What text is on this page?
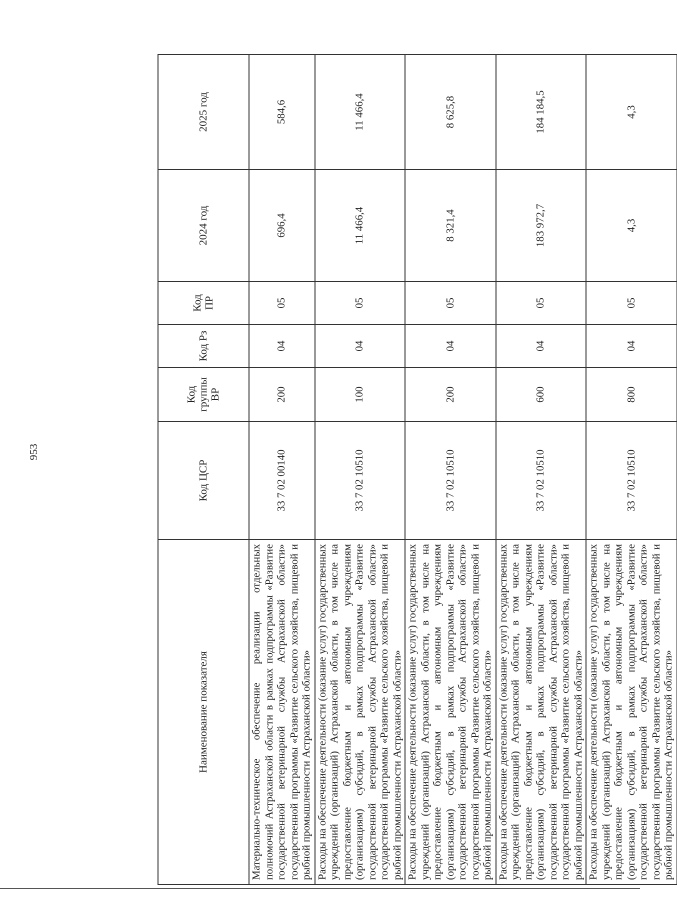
953
Наименование показателя	Код ЦСР	Код группы ВР	Код Рз	Код ПР	2024 год	2025 год
Материально-техническое обеспечение реализации отдельных полномочий Астраханской области в рамках подпрограммы «Развитие государственной ветеринарной службы Астраханской области» государственной программы «Развитие сельского хозяйства, пищевой и рыбной промышленности Астраханской области»	33 7 02 00140	200	04	05	696,4	584,6
Расходы на обеспечение деятельности (оказание услуг) государственных учреждений (организаций) Астраханской области, в том числе на предоставление бюджетным и автономным учреждениям (организациям) субсидий, в рамках подпрограммы «Развитие государственной ветеринарной службы Астраханской области» государственной программы «Развитие сельского хозяйства, пищевой и рыбной промышленности Астраханской области»	33 7 02 10510	100	04	05	11 466,4	11 466,4
Расходы на обеспечение деятельности (оказание услуг) государственных учреждений (организаций) Астраханской области, в том числе на предоставление бюджетным и автономным учреждениям (организациям) субсидий, в рамках подпрограммы «Развитие государственной ветеринарной службы Астраханской области» государственной программы «Развитие сельского хозяйства, пищевой и рыбной промышленности Астраханской области»	33 7 02 10510	200	04	05	8 321,4	8 625,8
Расходы на обеспечение деятельности (оказание услуг) государственных учреждений (организаций) Астраханской области, в том числе на предоставление бюджетным и автономным учреждениям (организациям) субсидий, в рамках подпрограммы «Развитие государственной ветеринарной службы Астраханской области» государственной программы «Развитие сельского хозяйства, пищевой и рыбной промышленности Астраханской области»	33 7 02 10510	600	04	05	183 972,7	184 184,5
Расходы на обеспечение деятельности (оказание услуг) государственных учреждений (организаций) Астраханской области, в том числе на предоставление бюджетным и автономным учреждениям (организациям) субсидий, в рамках подпрограммы «Развитие государственной ветеринарной службы Астраханской области» государственной программы «Развитие сельского хозяйства, пищевой и рыбной промышленности Астраханской области»	33 7 02 10510	800	04	05	4,3	4,3
